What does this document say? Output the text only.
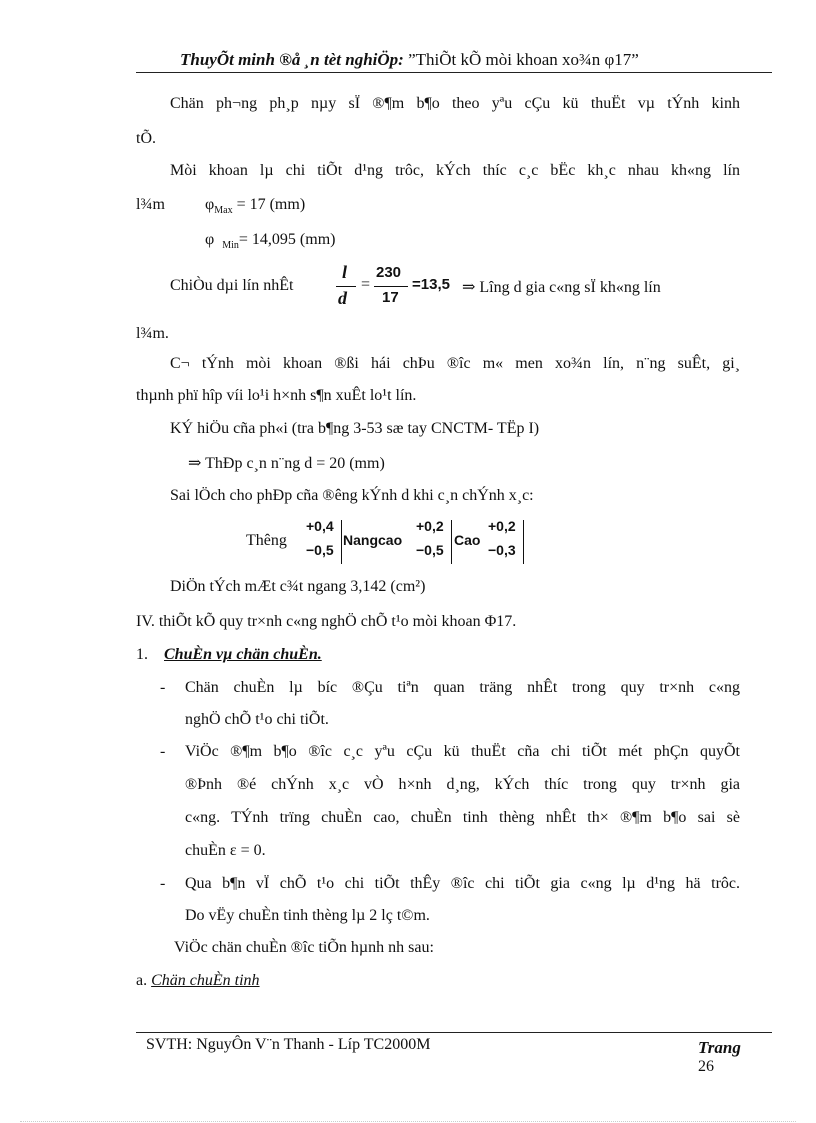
ThuyÕt minh ®å ¸n tèt nghiÖp: ”ThiÕt kÕ mòi khoan xo¾n φ17”
Chän ph¬ng ph¸p nµy sÏ ®¶m b¶o theo yªu cÇu kü thuËt vµ tÝnh kinh
tÕ.
Mòi khoan lµ chi tiÕt d¹ng trôc, kÝch thíc c¸c bËc kh¸c nhau kh«ng lín
l¾m	$\varphi_{Max} = 17$ (mm)
φ $_{Min}$= 14,095 (mm)
ChiÒu dµi lín nhÊt
l
d
=
230
17
=13,5 ⇒ Lîng d gia c«ng sÏ kh«ng lín
l¾m.
C¬ tÝnh mòi khoan ®ßi hái chÞu ®îc m« men xo¾n lín, n¨ng suÊt, gi¸
thµnh phï hîp víi lo¹i h×nh s¶n xuÊt lo¹t lín.
KÝ hiÖu cña ph«i (tra b¶ng 3-53 sæ tay CNCTM- TËp I)
⇒ ThÐp c¸n n¨ng d = 20 (mm)
Sai lÖch cho phÐp cña ®êng kÝnh d khi c¸n chÝnh x¸c:
Thêng
+0,4
−0,5
Nangcao
+0,2
−0,5
Cao
+0,2
−0,3
DiÖn tÝch mÆt c¾t ngang 3,142 (cm²)
IV. thiÕt kÕ quy tr×nh c«ng nghÖ chÕ t¹o mòi khoan Φ17.
1. ChuÈn vµ chän chuÈn.
- Chän chuÈn lµ bíc ®Çu tiªn quan träng nhÊt trong quy tr×nh c«ng
nghÖ chÕ t¹o chi tiÕt.
- ViÖc ®¶m b¶o ®îc c¸c yªu cÇu kü thuËt cña chi tiÕt mét phÇn quyÕt
®Þnh ®é chÝnh x¸c vÒ h×nh d¸ng, kÝch thíc trong quy tr×nh gia
c«ng. TÝnh trïng chuÈn cao, chuÈn tinh thèng nhÊt th× ®¶m b¶o sai sè
chuÈn ε = 0.
- Qua b¶n vÏ chÕ t¹o chi tiÕt thÊy ®îc chi tiÕt gia c«ng lµ d¹ng hä trôc.
Do vËy chuÈn tinh thèng lµ 2 lç t©m.
ViÖc chän chuÈn ®îc tiÕn hµnh nh sau:
a. Chän chuÈn tinh
SVTH: NguyÔn V¨n Thanh - Líp TC2000M	Trang
26
